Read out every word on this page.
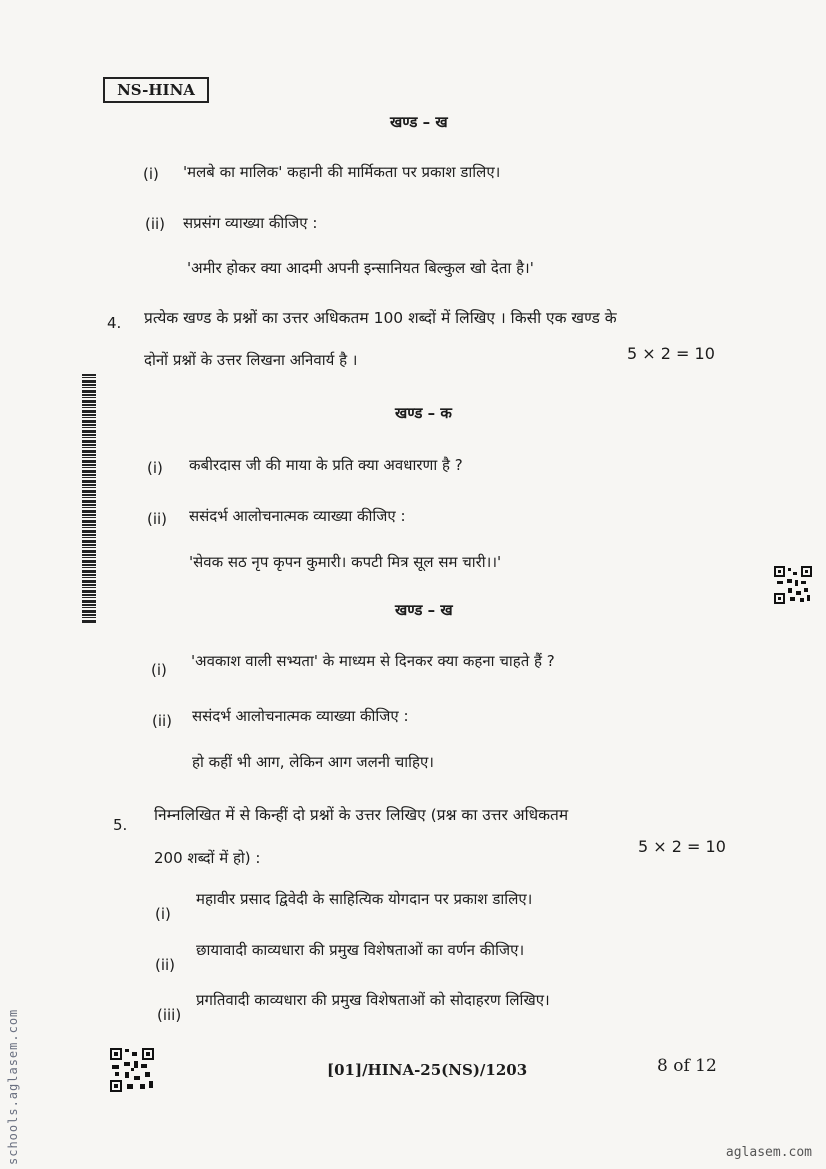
NS-HINA
खण्ड – ख
(i) 'मलबे का मालिक' कहानी की मार्मिकता पर प्रकाश डालिए।
(ii) सप्रसंग व्याख्या कीजिए :
'अमीर होकर क्या आदमी अपनी इन्सानियत बिल्कुल खो देता है।'
4. प्रत्येक खण्ड के प्रश्नों का उत्तर अधिकतम 100 शब्दों में लिखिए । किसी एक खण्ड के
दोनों प्रश्नों के उत्तर लिखना अनिवार्य है ।	5 × 2 = 10
खण्ड – क
(i) कबीरदास जी की माया के प्रति क्या अवधारणा है ?
(ii) ससंदर्भ आलोचनात्मक व्याख्या कीजिए :
'सेवक सठ नृप कृपन कुमारी। कपटी मित्र सूल सम चारी।।'
खण्ड – ख
(i) 'अवकाश वाली सभ्यता' के माध्यम से दिनकर क्या कहना चाहते हैं ?
(ii) ससंदर्भ आलोचनात्मक व्याख्या कीजिए :
हो कहीं भी आग, लेकिन आग जलनी चाहिए।
5.
निम्नलिखित में से किन्हीं दो प्रश्नों के उत्तर लिखिए (प्रश्न का उत्तर अधिकतम
200 शब्दों में हो) :
5 × 2 = 10
(i)
महावीर प्रसाद द्विवेदी के साहित्यिक योगदान पर प्रकाश डालिए।
(ii)
छायावादी काव्यधारा की प्रमुख विशेषताओं का वर्णन कीजिए।
(iii)
प्रगतिवादी काव्यधारा की प्रमुख विशेषताओं को सोदाहरण लिखिए।
[01]/HINA-25(NS)/1203	8 of 12
schools.aglasem.com	aglasem.com
